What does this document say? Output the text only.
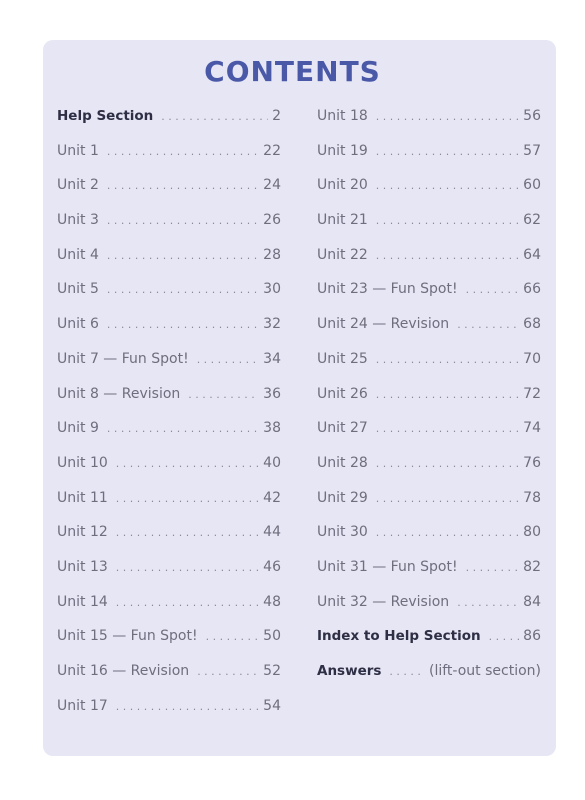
CONTENTS
Help Section . . .	2
Unit 1 . . .	22
Unit 2 . . .	24
Unit 3 . . .	26
Unit 4 . . .	28
Unit 5 . . .	30
Unit 6 . . .	32
Unit 7 — Fun Spot! . . .	34
Unit 8 — Revision . . .	36
Unit 9 . . .	38
Unit 10 . . .	40
Unit 11 . . .	42
Unit 12 . . .	44
Unit 13 . . .	46
Unit 14 . . .	48
Unit 15 — Fun Spot! . . .	50
Unit 16 — Revision . . .	52
Unit 17 . . .	54
Unit 18 . . .	56
Unit 19 . . .	57
Unit 20 . . .	60
Unit 21 . . .	62
Unit 22 . . .	64
Unit 23 — Fun Spot! . . .	66
Unit 24 — Revision . . .	68
Unit 25 . . .	70
Unit 26 . . .	72
Unit 27 . . .	74
Unit 28 . . .	76
Unit 29 . . .	78
Unit 30 . . .	80
Unit 31 — Fun Spot! . . .	82
Unit 32 — Revision . . .	84
Index to Help Section . . .	86
Answers . . .	(lift-out section)
